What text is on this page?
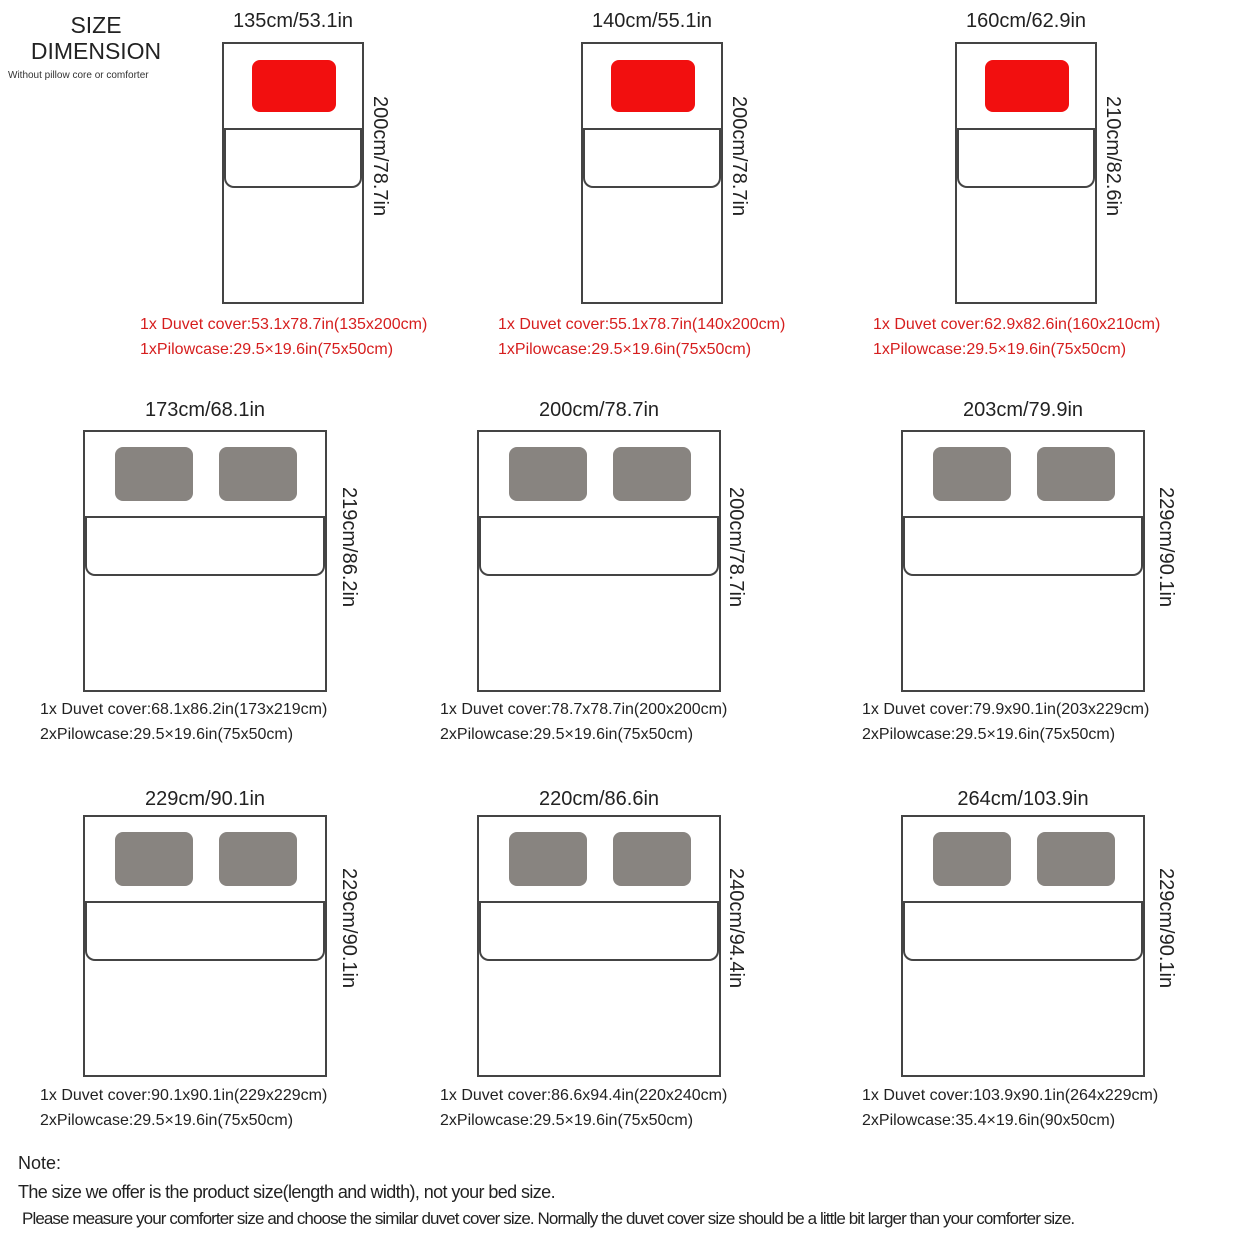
SIZE
DIMENSION
Without pillow core or comforter
135cm/53.1in
200cm/78.7in
1x Duvet cover:53.1x78.7in(135x200cm)
1xPilowcase:29.5×19.6in(75x50cm)
140cm/55.1in
200cm/78.7in
1x Duvet cover:55.1x78.7in(140x200cm)
1xPilowcase:29.5×19.6in(75x50cm)
160cm/62.9in
210cm/82.6in
1x Duvet cover:62.9x82.6in(160x210cm)
1xPilowcase:29.5×19.6in(75x50cm)
173cm/68.1in
219cm/86.2in
1x Duvet cover:68.1x86.2in(173x219cm)
2xPilowcase:29.5×19.6in(75x50cm)
200cm/78.7in
200cm/78.7in
1x Duvet cover:78.7x78.7in(200x200cm)
2xPilowcase:29.5×19.6in(75x50cm)
203cm/79.9in
229cm/90.1in
1x Duvet cover:79.9x90.1in(203x229cm)
2xPilowcase:29.5×19.6in(75x50cm)
229cm/90.1in
229cm/90.1in
1x Duvet cover:90.1x90.1in(229x229cm)
2xPilowcase:29.5×19.6in(75x50cm)
220cm/86.6in
240cm/94.4in
1x Duvet cover:86.6x94.4in(220x240cm)
2xPilowcase:29.5×19.6in(75x50cm)
264cm/103.9in
229cm/90.1in
1x Duvet cover:103.9x90.1in(264x229cm)
2xPilowcase:35.4×19.6in(90x50cm)
Note:
The size we offer is the product size(length and width), not your bed size.
Please measure your comforter size and choose the similar duvet cover size. Normally the duvet cover size should be a little bit larger than your comforter size.
